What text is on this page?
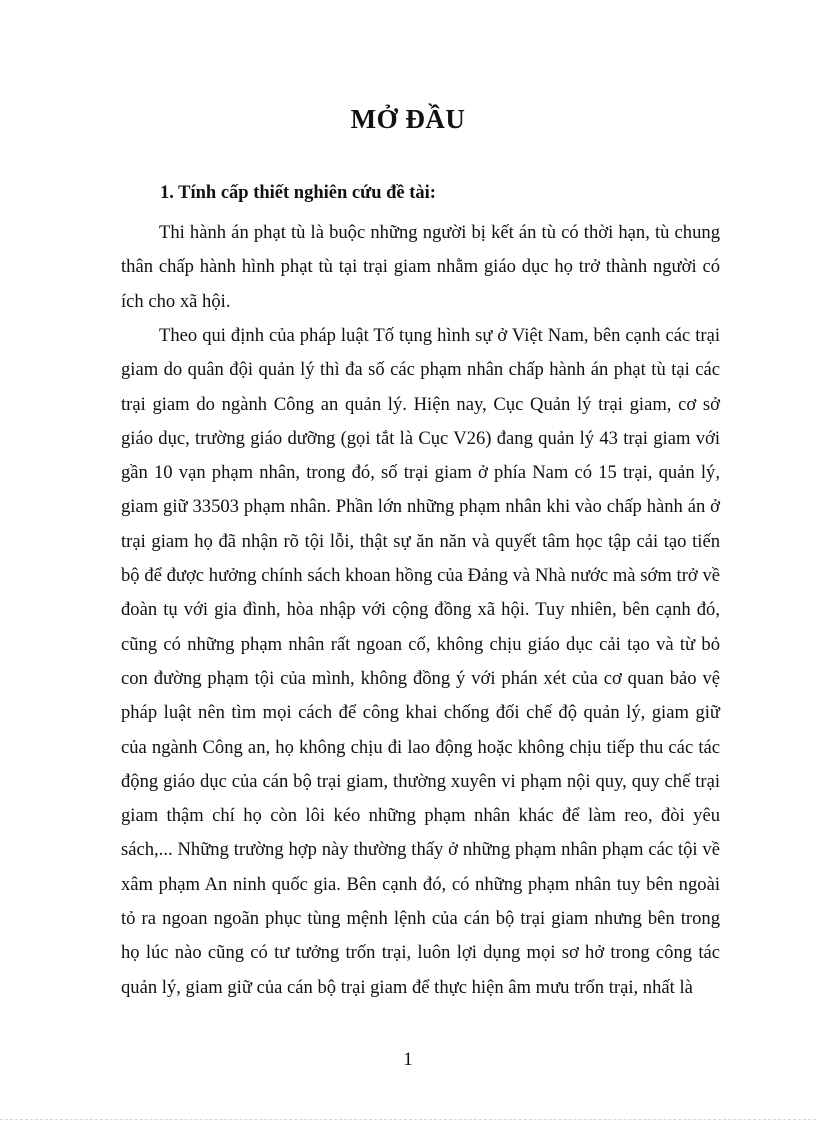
MỞ ĐẦU
1. Tính cấp thiết nghiên cứu đề tài:

Thi hành án phạt tù là buộc những người bị kết án tù có thời hạn, tù chung thân chấp hành hình phạt tù tại trại giam nhằm giáo dục họ trở thành người có ích cho xã hội.

Theo qui định của pháp luật Tố tụng hình sự ở Việt Nam, bên cạnh các trại giam do quân đội quản lý thì đa số các phạm nhân chấp hành án phạt tù tại các trại giam do ngành Công an quản lý. Hiện nay, Cục Quản lý trại giam, cơ sở giáo dục, trường giáo dưỡng (gọi tắt là Cục V26) đang quản lý 43 trại giam với gần 10 vạn phạm nhân, trong đó, số trại giam ở phía Nam có 15 trại, quản lý, giam giữ 33503 phạm nhân. Phần lớn những phạm nhân khi vào chấp hành án ở trại giam họ đã nhận rõ tội lỗi, thật sự ăn năn và quyết tâm học tập cải tạo tiến bộ để được hưởng chính sách khoan hồng của Đảng và Nhà nước mà sớm trở về đoàn tụ với gia đình, hòa nhập với cộng đồng xã hội. Tuy nhiên, bên cạnh đó, cũng có những phạm nhân rất ngoan cố, không chịu giáo dục cải tạo và từ bỏ con đường phạm tội của mình, không đồng ý với phán xét của cơ quan bảo vệ pháp luật nên tìm mọi cách để công khai chống đối chế độ quản lý, giam giữ của ngành Công an, họ không chịu đi lao động hoặc không chịu tiếp thu các tác động giáo dục của cán bộ trại giam, thường xuyên vi phạm nội quy, quy chế trại giam thậm chí họ còn lôi kéo những phạm nhân khác để làm reo, đòi yêu sách,... Những trường hợp này thường thấy ở những phạm nhân phạm các tội về xâm phạm An ninh quốc gia. Bên cạnh đó, có những phạm nhân tuy bên ngoài tỏ ra ngoan ngoãn phục tùng mệnh lệnh của cán bộ trại giam nhưng bên trong họ lúc nào cũng có tư tưởng trốn trại, luôn lợi dụng mọi sơ hở trong công tác quản lý, giam giữ của cán bộ trại giam để thực hiện âm mưu trốn trại, nhất là

1
